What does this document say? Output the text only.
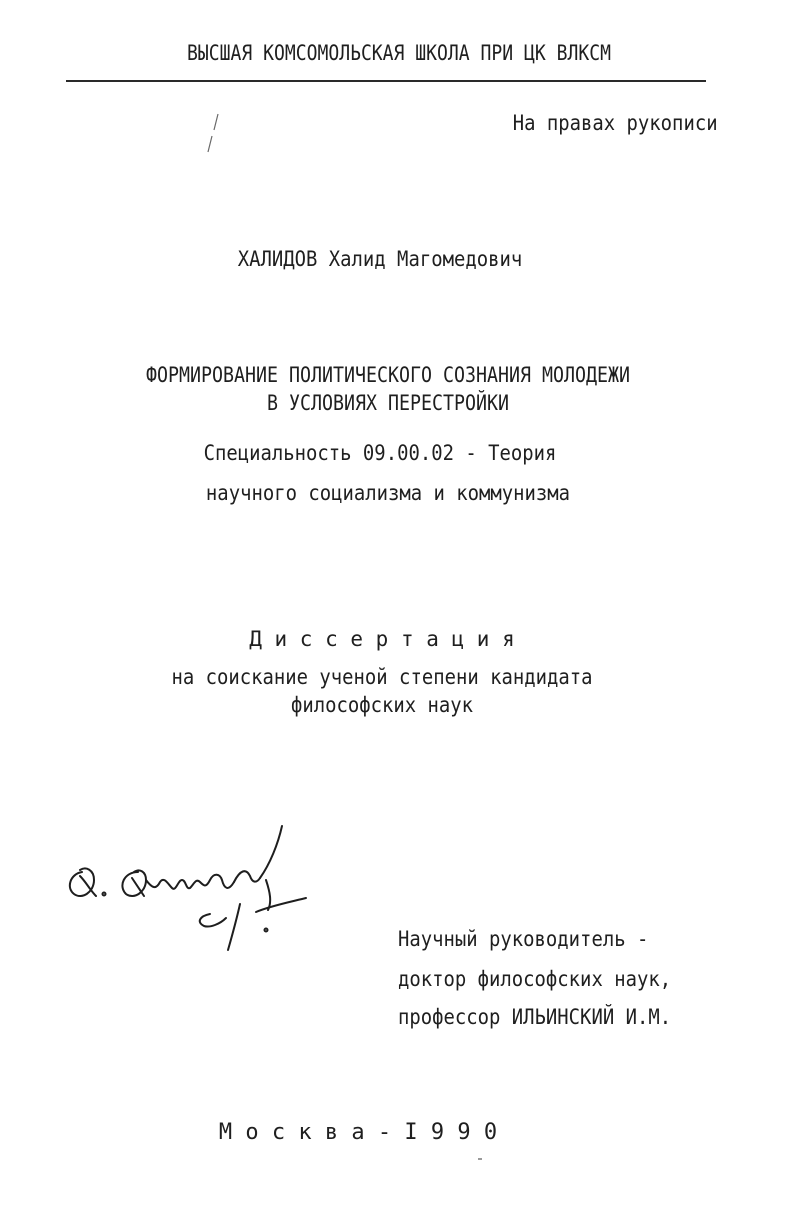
ВЫСШАЯ КОМСОМОЛЬСКАЯ ШКОЛА ПРИ ЦК ВЛКСМ
На правах рукописи
ХАЛИДОВ Халид Магомедович
ФОРМИРОВАНИЕ ПОЛИТИЧЕСКОГО СОЗНАНИЯ МОЛОДЕЖИ
В УСЛОВИЯХ ПЕРЕСТРОЙКИ
Специальность 09.00.02 - Теория
научного социализма и коммунизма
Д и с с е р т а ц и я
на соискание ученой степени кандидата
философских наук
Научный руководитель -
доктор философских наук,
профессор ИЛЬИНСКИЙ И.М.
М о с к в а - I 9 9 0
